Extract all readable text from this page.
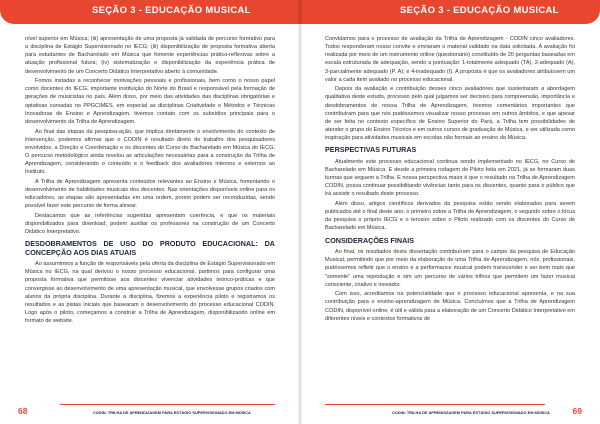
SEÇÃO 3 - EDUCAÇÃO MUSICAL

nível superior em Música; (iii) apresentação de uma proposta já validada de percurso formativo para a disciplina de Estágio Supervisionado no IECG; (iii) disponibilização de proposta formativa aberta para estudantes de Bacharelado em Música que fomente experiências prático-reflexivas sobre a atuação profissional futura; (iv) sistematização e disponibilização da experiência prática de desenvolvimento de um Concerto Didático Interpretativo aberto à comunidade.

Fomos instadas a reconhecer motivações pessoais e profissionais, bem como o nosso papel como docentes do IECG, importante instituição do Norte do Brasil e responsável pela formação de gerações de musicistas no país. Além disso, por meio das atividades das disciplinas obrigatórias e optativas cursadas no PPGCIMES, em especial as disciplinas Criatividade e Métodos e Técnicas Inovadoras de Ensino e Aprendizagem, tivemos contato com os subsídios principais para o desenvolvimento da Trilha de Aprendizagem.

Ao final das etapas da pesquisa-ação, que implica diretamente o envolvimento do contexto de intervenção, podemos afirmar que o CODIN é resultado direto do trabalho dos pesquisadores envolvidos, a Direção e Coordenação e os discentes do Curso de Bacharelado em Música do IECG. O percurso metodológico ainda revelou as articulações necessárias para a construção da Trilha de Aprendizagem, considerando o conteúdo e o feedback dos avaliadores internos e externos ao Instituto.

A Trilha de Aprendizagem apresenta conteúdos relevantes ao Ensino e Música, fomentando o desenvolvimento de habilidades musicais dos discentes. Nas orientações disponíveis online para os educadores, as etapas são apresentadas em uma ordem, porém podem ser reconduzidas, sendo possível fazer este percurso de forma alinear.

Destacamos que as referências sugeridas apresentam coerência, e que os materiais disponibilizados para download, podem auxiliar os professores na construção de um Concerto Didático Interpretativo.

DESDOBRAMENTOS DE USO DO PRODUTO EDUCACIONAL: DA CONCEPÇÃO AOS DIAS ATUAIS

Ao assumirmos a função de responsáveis pela oferta da disciplina de Estágio Supervisionado em Música no IECG, na qual derivou o nosso processo educacional, partimos para configurar uma proposta formativa que permitisse aos discentes vivenciar atividades teórico-práticas e que convergisse ao desenvolvimento de uma apresentação musical, que envolvesse grupos criados com alunos da própria disciplina. Durante a disciplina, fizemos a experiência piloto e registramos os resultados e as pistas iniciais que basearam o desenvolvimento do processo educacional CODIN. Logo após o piloto, começamos a construir a Trilha de Aprendizagem, disponibilizando online em formato de website.

68	CODIN: TRILHA DE APRENDIZAGEM PARA ESTÁGIO SUPERVISIONADO EM MÚSICA
SEÇÃO 3 - EDUCAÇÃO MUSICAL

Convidamos para o processo de avaliação da Trilha de Aprendizagem - CODIN cinco avaliadores. Todos responderam nosso convite e enviaram o material validado na data solicitada. A avaliação foi realizada por meio de um instrumento online (questionário) constituído de 20 perguntas baseadas em escala estruturada de adequação, sendo a pontuação: 1-totalmente adequado (TA), 2-adequado (A), 3-parcialmente adequado (P. A); e 4-inadequado (I). A proposta é que os avaliadores atribuíssem um valor a cada item avaliado no processo educacional.

Depois da avaliação e contribuição desses cinco avaliadores que sustentaram a abordagem qualitativa deste estudo, processo pelo qual julgamos ser decisivo para compreensão, importância e desdobramentos de nossa Trilha de Aprendizagem, tivemos comentários importantes que contribuíram para que nós pudéssemos visualizar nosso processo em outros âmbitos, e que apesar de ser feita no contexto específico de Ensino Superior do Pará, a Trilha tem possibilidades de atender o grupo do Ensino Técnico e em outros cursos de graduação de Música, e ser utilizada como inspiração para atividades musicais em escolas não formais ao ensino da Música.

PERSPECTIVAS FUTURAS

Atualmente este processo educacional continua sendo implementado no IECG, no Curso de Bacharelado em Música. E desde a primeira rodagem do Piloto feita em 2021, já se formaram duas turmas que seguem a Trilha. E nossa perspectiva maior é que o resultado na Trilha de Aprendizagem CODIN, possa continuar possibilitando vivências tanto para os discentes, quanto para o público que irá assistir o resultado deste processo.

Além disso, artigos científicos derivados da pesquisa estão sendo elaborados para serem publicados até o final deste ano: o primeiro sobre a Trilha de Aprendizagem, o segundo sobre o lócus da pesquisa o próprio IECG e o terceiro sobre o Piloto realizado com os discentes do Curso de Bacharelado em Música.

CONSIDERAÇÕES FINAIS

Ao final, os resultados desta dissertação contribuíram para o campo da pesquisa de Educação Musical, permitindo que por meio da elaboração de uma Trilha de Aprendizagem, nós, profissionais, pudéssemos refletir que o ensino e a performance musical podem transcender e ser bem mais que "somente" uma reprodução e sim um percurso de vários trilhos que permitem um fazer musical consciente, criativo e inovador.

Com isso, acreditamos na potencialidade que o processo educacional apresenta, e na sua contribuição para o ensino-aprendizagem de Música. Concluímos que a Trilha de Aprendizagem CODIN, disponível online, é útil e válida para a elaboração de um Concerto Didático Interpretativo em diferentes níveis e contextos formativos de

CODIN: TRILHA DE APRENDIZAGEM PARA ESTÁGIO SUPERVISIONADO EM MÚSICA	69
